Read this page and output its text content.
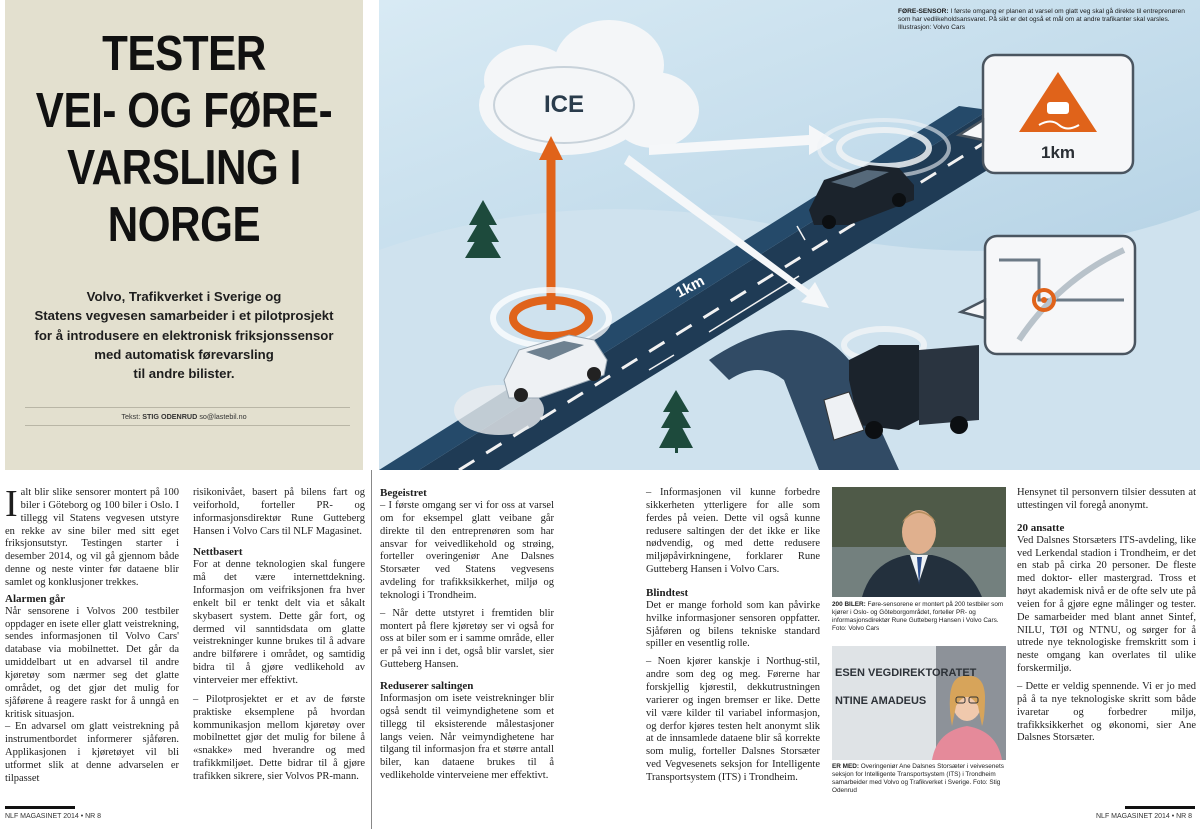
TESTER
VEI- OG FØRE-
VARSLING I
NORGE

Volvo, Trafikverket i Sverige og
Statens vegvesen samarbeider i et pilotprosjekt
for å introdusere en elektronisk friksjonssensor
med automatisk førevarsling
til andre bilister.

Tekst: STIG ODENRUD so@lastebil.no
1km
ICE
1km
FØRE-SENSOR: I første omgang er planen at varsel om glatt veg skal gå direkte til entreprenøren som har vedlikeholdsansvaret. På sikt er det også et mål om at andre trafikanter skal varsles. Illustrasjon: Volvo Cars

Ialt blir slike sensorer montert på 100 biler i Göteborg og 100 biler i Oslo. I tillegg vil Statens vegvesen utstyre en rekke av sine biler med sitt eget friksjonsutstyr. Testingen starter i desember 2014, og vil gå gjennom både denne og neste vinter før dataene blir samlet og konklusjoner trekkes.

Alarmen går

Når sensorene i Volvos 200 testbiler oppdager en isete eller glatt veistrekning, sendes informasjonen til Volvo Cars' database via mobilnettet. Det går da umiddelbart ut en advarsel til andre kjøretøy som nærmer seg det glatte området, og det gjør det mulig for sjåførene å reagere raskt for å unngå en kritisk situasjon.

– En advarsel om glatt veistrekning på instrumentbordet informerer sjåføren. Applikasjonen i kjøretøyet vil bli utformet slik at denne advarselen er tilpasset

risikonivået, basert på bilens fart og veiforhold, forteller PR- og informasjonsdirektør Rune Gutteberg Hansen i Volvo Cars til NLF Magasinet.

Nettbasert

For at denne teknologien skal fungere må det være internettdekning. Informasjon om veifriksjonen fra hver enkelt bil er tenkt delt via et såkalt skybasert system. Dette går fort, og dermed vil sanntidsdata om glatte veistrekninger kunne brukes til å advare andre bilførere i området, og samtidig bidra til å gjøre vedlikehold av vinterveier mer effektivt.

– Pilotprosjektet er et av de første praktiske eksemplene på hvordan kommunikasjon mellom kjøretøy over mobilnettet gjør det mulig for bilene å «snakke» med hverandre og med trafikkmiljøet. Dette bidrar til å gjøre trafikken sikrere, sier Volvos PR-mann.

Begeistret

– I første omgang ser vi for oss at varsel om for eksempel glatt veibane går direkte til den entreprenøren som har ansvar for veivedlikehold og strøing, forteller overingeniør Ane Dalsnes Storsæter ved Statens vegvesens avdeling for trafikksikkerhet, miljø og teknologi i Trondheim.

– Når dette utstyret i fremtiden blir montert på flere kjøretøy ser vi også for oss at biler som er i samme område, eller er på vei inn i det, også blir varslet, sier Gutteberg Hansen.

Reduserer saltingen

Informasjon om isete veistrekninger blir også sendt til veimyndighetene som et tillegg til eksisterende målestasjoner langs veien. Når veimyndighetene har tilgang til informasjon fra et større antall biler, kan dataene brukes til å vedlikeholde vinterveiene mer effektivt.

– Informasjonen vil kunne forbedre sikkerheten ytterligere for alle som ferdes på veien. Dette vil også kunne redusere saltingen der det ikke er like nødvendig, og med dette redusere miljøpåvirkningene, forklarer Rune Gutteberg Hansen i Volvo Cars.

Blindtest

Det er mange forhold som kan påvirke hvilke informasjoner sensoren oppfatter. Sjåføren og bilens tekniske standard spiller en vesentlig rolle.

– Noen kjører kanskje i Northug-stil, andre som deg og meg. Førerne har forskjellig kjørestil, dekkutrustningen varierer og ingen bremser er like. Dette vil være kilder til variabel informasjon, og derfor kjøres testen helt anonymt slik at de innsamlede dataene blir så korrekte som mulig, forteller Dalsnes Storsæter ved Vegvesenets seksjon for Intelligente Transportsystem (ITS) i Trondheim.

200 BILER: Føre-sensorene er montert på 200 testbiler som kjører i Oslo- og Göteborgområdet, forteller PR- og informasjonsdirektør Rune Gutteberg Hansen i Volvo Cars. Foto: Volvo Cars
ESEN VEGDIREKTORATET
NTINE AMADEUS
ER MED: Overingeniør Ane Dalsnes Storsæter i veivesenets seksjon for Intelligente Transportsystem (ITS) i Trondheim samarbeider med Volvo og Trafikverket i Sverige. Foto: Stig Odenrud

Hensynet til personvern tilsier dessuten at uttestingen vil foregå anonymt.

20 ansatte

Ved Dalsnes Storsæters ITS-avdeling, like ved Lerkendal stadion i Trondheim, er det en stab på cirka 20 personer. De fleste med doktor- eller mastergrad. Tross et høyt akademisk nivå er de ofte selv ute på veien for å gjøre egne målinger og tester. De samarbeider med blant annet Sintef, NILU, TØI og NTNU, og sørger for å utrede nye teknologiske fremskritt som i neste omgang kan overlates til ulike forskermiljø.

– Dette er veldig spennende. Vi er jo med på å ta nye teknologiske skritt som både ivaretar og forbedrer miljø, trafikksikkerhet og økonomi, sier Ane Dalsnes Storsæter.

NLF MAGASINET 2014 • NR 8	NLF MAGASINET 2014 • NR 8
